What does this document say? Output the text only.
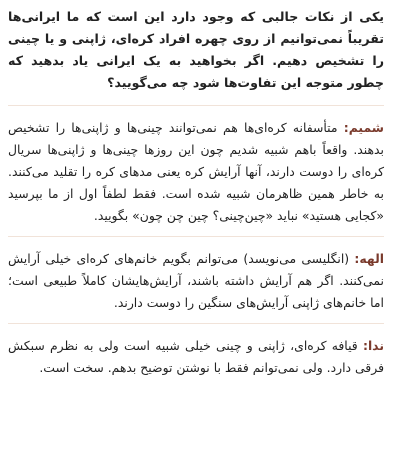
یکی از نکات جالبی که وجود دارد این است که ما ایرانی‌ها تقریباً نمی‌توانیم از روی چهره افراد کره‌ای، ژاپنی و یا چینی را تشخیص دهیم. اگر بخواهید به یک ایرانی یاد بدهید که چطور متوجه این تفاوت‌ها شود چه می‌گویید؟

شمیم: متأسفانه کره‌ای‌ها هم نمی‌توانند چینی‌ها و ژاپنی‌ها را تشخیص بدهند. واقعاً باهم شبیه شدیم چون این روزها چینی‌ها و ژاپنی‌ها سریال کره‌ای را دوست دارند، آنها آرایش کره یعنی مدهای کره را تقلید می‌کنند. به خاطر همین ظاهرمان شبیه شده است. فقط لطفاً اول از ما بپرسید «کجایی هستید» نباید «چین‌چینی؟ چین چن چون» بگویید.

الهه: (انگلیسی می‌نویسد) می‌توانم بگویم خانم‌های کره‌ای خیلی آرایش نمی‌کنند. اگر هم آرایش داشته باشند، آرایش‌هایشان کاملاً طبیعی است؛ اما خانم‌های ژاپنی آرایش‌های سنگین را دوست دارند.

ندا: قیافه کره‌ای، ژاپنی و چینی خیلی شبیه است ولی به نظرم سبکش فرقی دارد. ولی نمی‌توانم فقط با نوشتن توضیح بدهم. سخت است.
